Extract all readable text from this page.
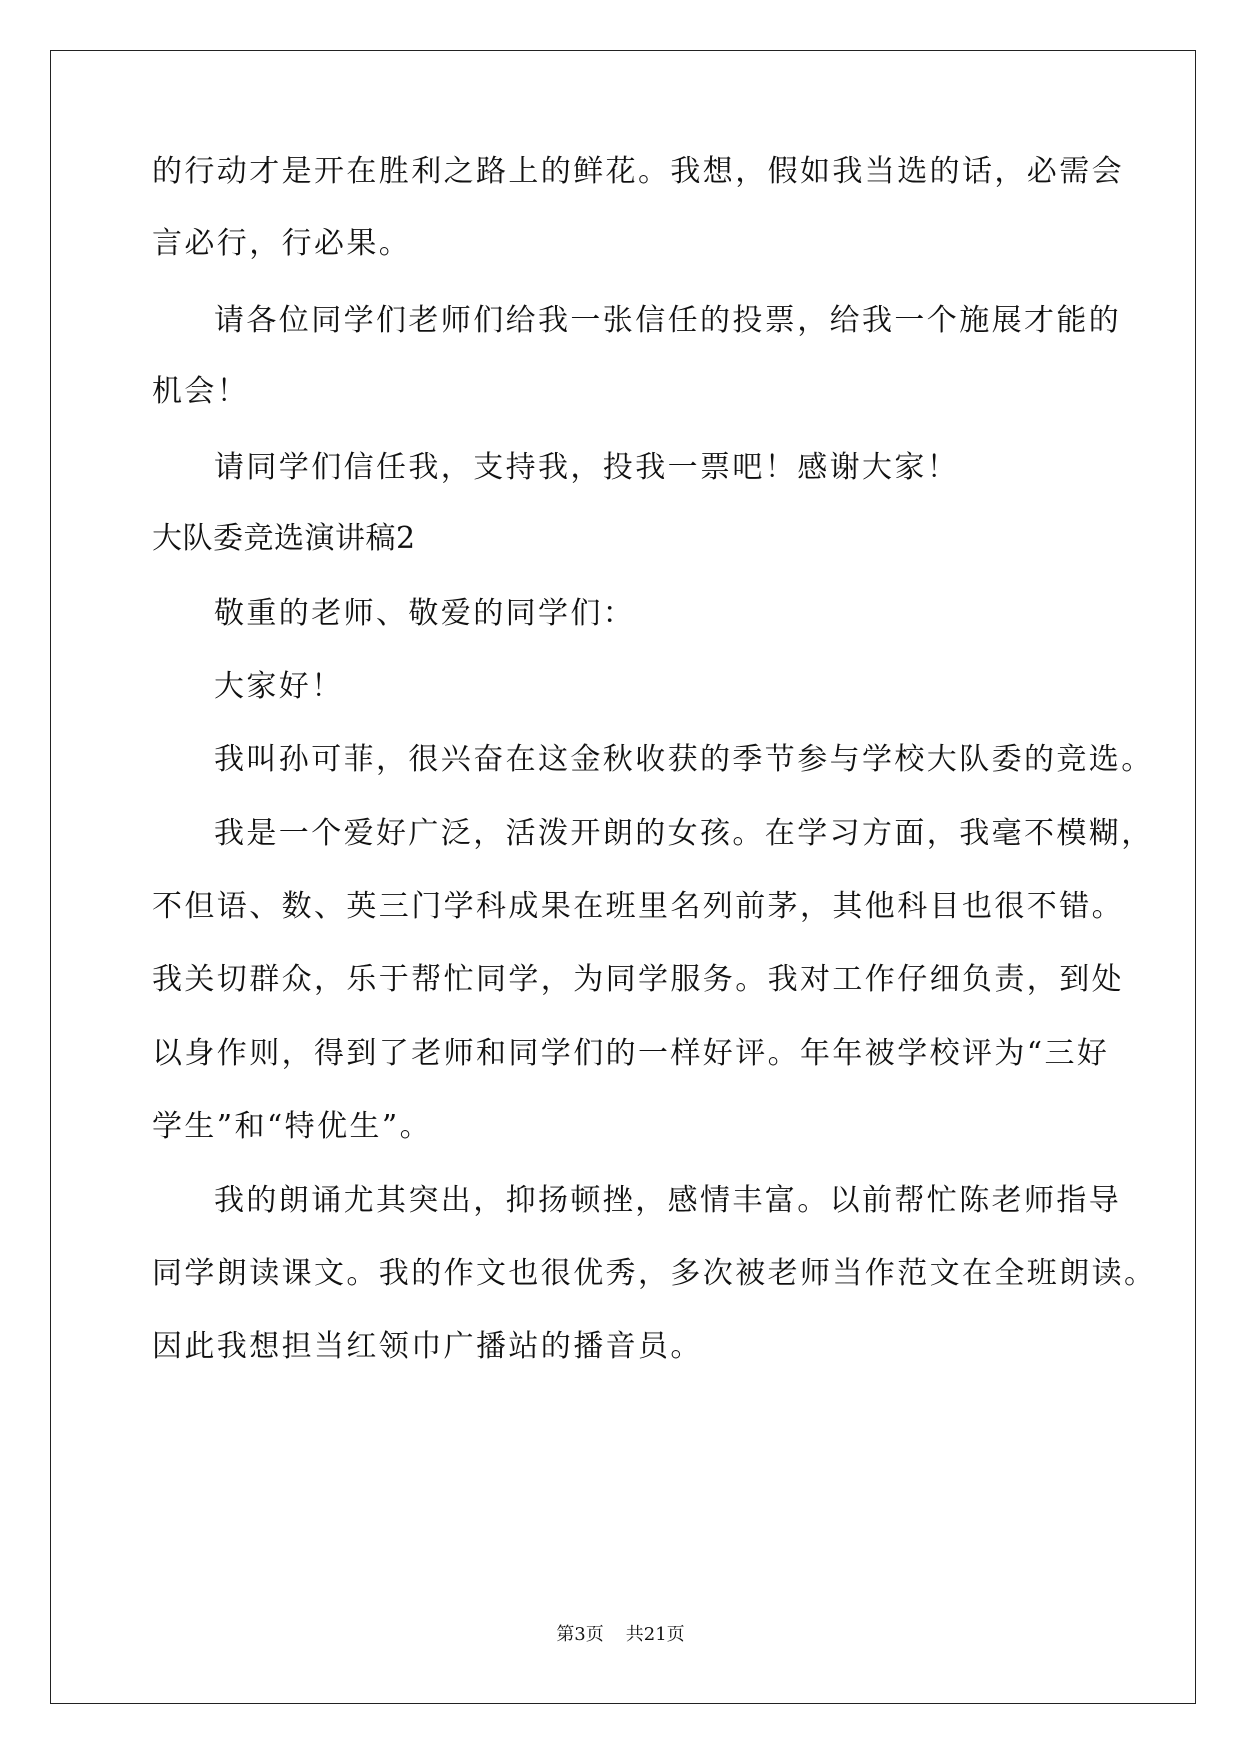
的行动才是开在胜利之路上的鲜花。我想，假如我当选的话，必需会
言必行，行必果。
请各位同学们老师们给我一张信任的投票，给我一个施展才能的
机会！
请同学们信任我，支持我，投我一票吧！感谢大家！
大队委竞选演讲稿2
敬重的老师、敬爱的同学们：
大家好！
我叫孙可菲，很兴奋在这金秋收获的季节参与学校大队委的竞选。
我是一个爱好广泛，活泼开朗的女孩。在学习方面，我毫不模糊，
不但语、数、英三门学科成果在班里名列前茅，其他科目也很不错。
我关切群众，乐于帮忙同学，为同学服务。我对工作仔细负责，到处
以身作则，得到了老师和同学们的一样好评。年年被学校评为“三好
学生”和“特优生”。
我的朗诵尤其突出，抑扬顿挫，感情丰富。以前帮忙陈老师指导
同学朗读课文。我的作文也很优秀，多次被老师当作范文在全班朗读。
因此我想担当红领巾广播站的播音员。
第3页 共21页
